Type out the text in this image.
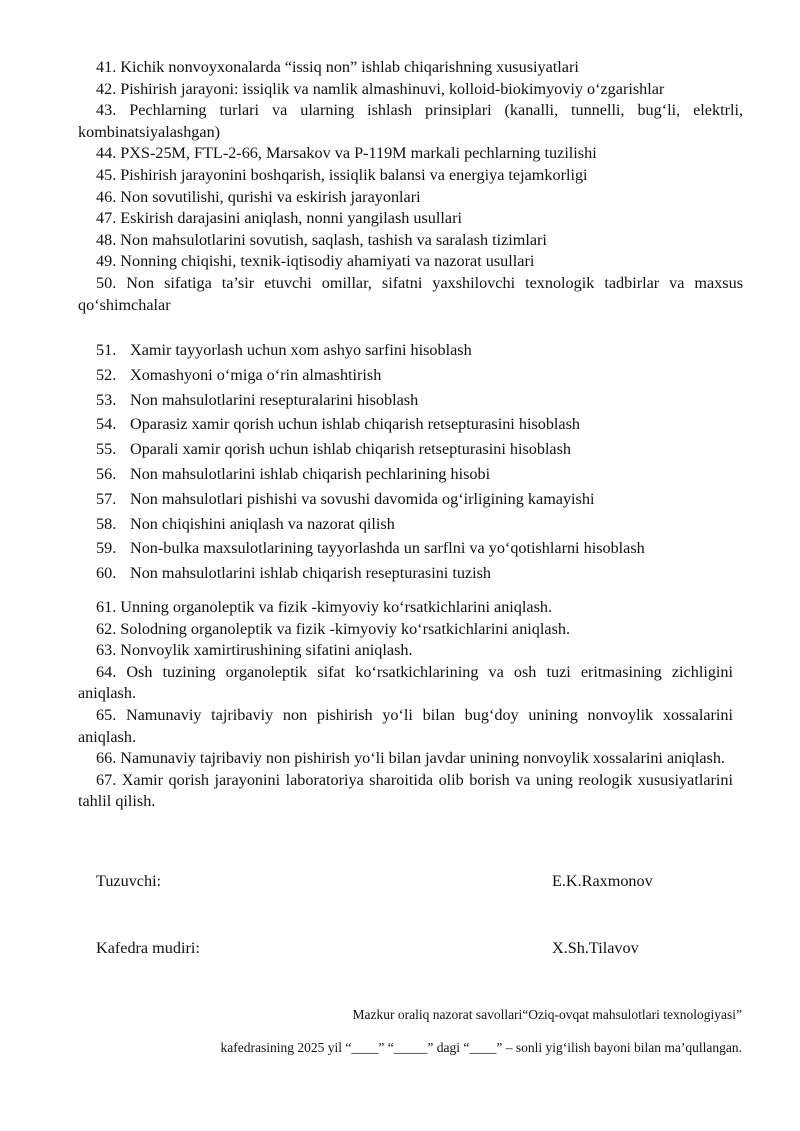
41. Kichik nonvoyxonalarda “issiq non” ishlab chiqarishning xususiyatlari
42. Pishirish jarayoni: issiqlik va namlik almashinuvi, kolloid-biokimyoviy o‘zgarishlar
43. Pechlarning turlari va ularning ishlash prinsiplari (kanalli, tunnelli, bug‘li, elektrli, kombinatsiyalashgan)
44. PXS-25M, FTL-2-66, Marsakov va P-119M markali pechlarning tuzilishi
45. Pishirish jarayonini boshqarish, issiqlik balansi va energiya tejamkorligi
46. Non sovutilishi, qurishi va eskirish jarayonlari
47. Eskirish darajasini aniqlash, nonni yangilash usullari
48. Non mahsulotlarini sovutish, saqlash, tashish va saralash tizimlari
49. Nonning chiqishi, texnik-iqtisodiy ahamiyati va nazorat usullari
50. Non sifatiga ta’sir etuvchi omillar, sifatni yaxshilovchi texnologik tadbirlar va maxsus qo‘shimchalar
51. Xamir tayyorlash uchun xom ashyo sarfini hisoblash
52. Xomashyoni o‘miga o‘rin almashtirish
53. Non mahsulotlarini resepturalarini hisoblash
54. Oparasiz xamir qorish uchun ishlab chiqarish retsepturasini hisoblash
55. Oparali xamir qorish uchun ishlab chiqarish retsepturasini hisoblash
56. Non mahsulotlarini ishlab chiqarish pechlarining hisobi
57. Non mahsulotlari pishishi va sovushi davomida og‘irligining kamayishi
58. Non chiqishini aniqlash va nazorat qilish
59. Non-bulka maxsulotlarining tayyorlashda un sarflni va yo‘qotishlarni hisoblash
60. Non mahsulotlarini ishlab chiqarish resepturasini tuzish
61. Unning organoleptik va fizik -kimyoviy ko‘rsatkichlarini aniqlash.
62. Solodning organoleptik va fizik -kimyoviy ko‘rsatkichlarini aniqlash.
63. Nonvoylik xamirtirushining sifatini aniqlash.
64. Osh tuzining organoleptik sifat ko‘rsatkichlarining va osh tuzi eritmasining zichligini aniqlash.
65. Namunaviy tajribaviy non pishirish yo‘li bilan bug‘doy unining nonvoylik xossalarini aniqlash.
66. Namunaviy tajribaviy non pishirish yo‘li bilan javdar unining nonvoylik xossalarini aniqlash.
67. Xamir qorish jarayonini laboratoriya sharoitida olib borish va uning reologik xususiyatlarini tahlil qilish.
Tuzuvchi:	E.K.Raxmonov
Kafedra mudiri:	X.Sh.Tilavov
Mazkur oraliq nazorat savollari“Oziq-ovqat mahsulotlari texnologiyasi”
kafedrasining 2025 yil “____” “_____” dagi “____” – sonli yig‘ilish bayoni bilan ma’qullangan.
